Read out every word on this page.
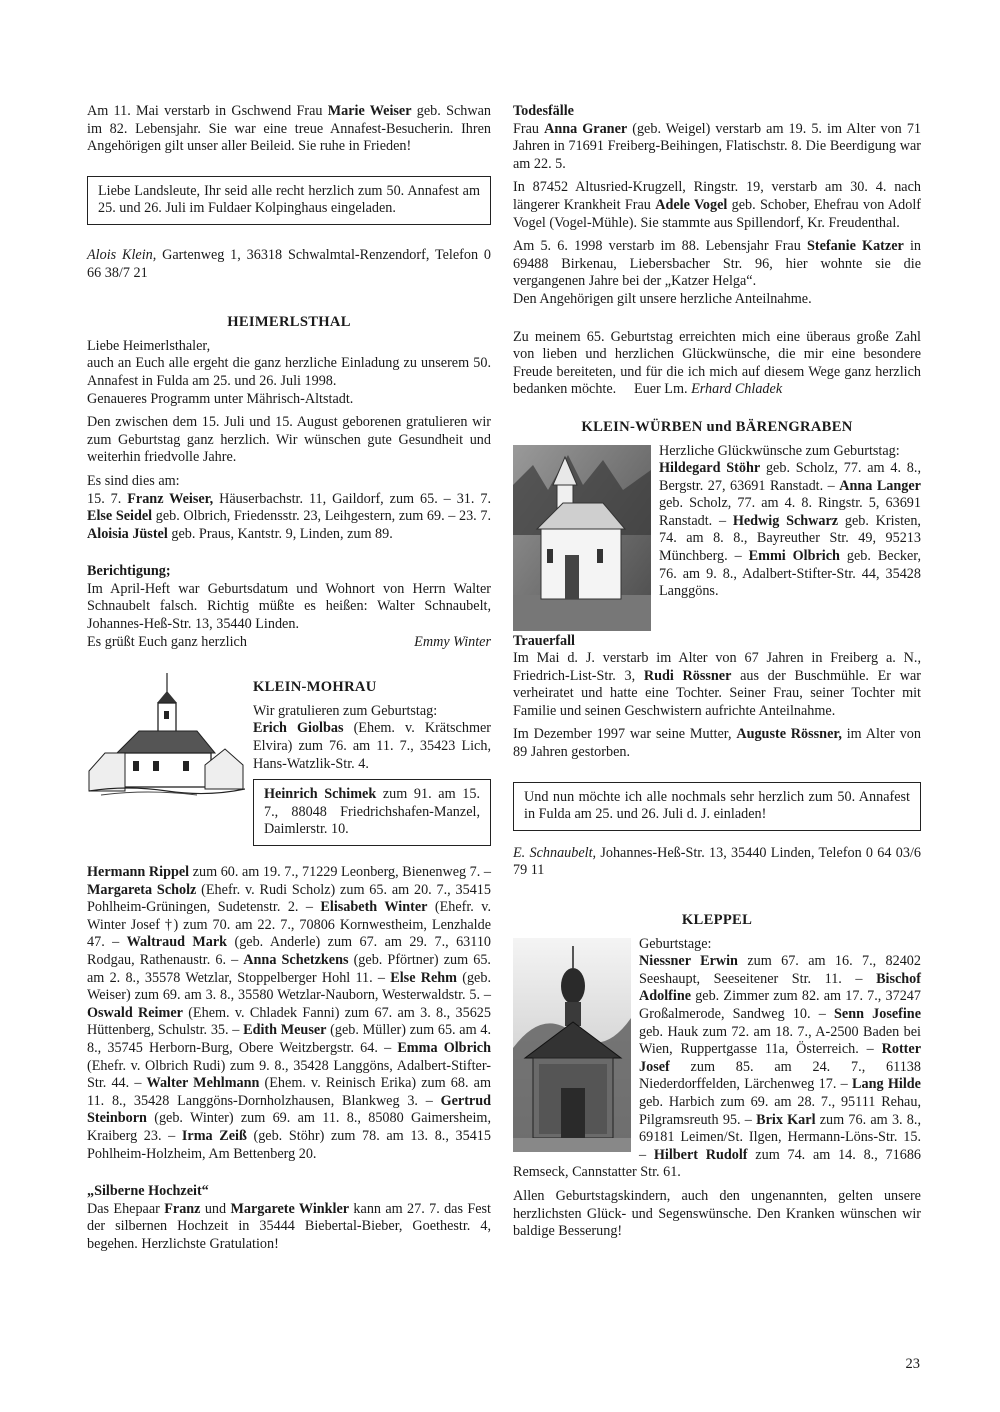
Am 11. Mai verstarb in Gschwend Frau Marie Weiser geb. Schwan im 82. Lebensjahr. Sie war eine treue Annafest-Besucherin. Ihren Angehörigen gilt unser aller Beileid. Sie ruhe in Frieden!

Liebe Landsleute, Ihr seid alle recht herzlich zum 50. Annafest am 25. und 26. Juli im Fuldaer Kolpinghaus eingeladen.

Alois Klein, Gartenweg 1, 36318 Schwalmtal-Renzendorf, Telefon 0 66 38/7 21

HEIMERLSTHAL

Liebe Heimerlsthaler,

auch an Euch alle ergeht die ganz herzliche Einladung zu unserem 50. Annafest in Fulda am 25. und 26. Juli 1998.

Genaueres Programm unter Mährisch-Altstadt.

Den zwischen dem 15. Juli und 15. August geborenen gratulieren wir zum Geburtstag ganz herzlich. Wir wünschen gute Gesundheit und weiterhin friedvolle Jahre.

Es sind dies am:

15. 7. Franz Weiser, Häuserbachstr. 11, Gaildorf, zum 65. – 31. 7. Else Seidel geb. Olbrich, Friedensstr. 23, Leihgestern, zum 69. – 23. 7. Aloisia Jüstel geb. Praus, Kantstr. 9, Linden, zum 89.

Berichtigung;

Im April-Heft war Geburtsdatum und Wohnort von Herrn Walter Schnaubelt falsch. Richtig müßte es heißen: Walter Schnaubelt, Johannes-Heß-Str. 13, 35440 Linden.

Es grüßt Euch ganz herzlich	Emmy Winter
KLEIN-MOHRAU

Wir gratulieren zum Geburtstag:

Erich Giolbas (Ehem. v. Krätschmer Elvira) zum 76. am 11. 7., 35423 Lich, Hans-Watzlik-Str. 4.

Heinrich Schimek zum 91. am 15. 7., 88048 Friedrichshafen-Manzel, Daimlerstr. 10.

Hermann Rippel zum 60. am 19. 7., 71229 Leonberg, Bienenweg 7. – Margareta Scholz (Ehefr. v. Rudi Scholz) zum 65. am 20. 7., 35415 Pohlheim-Grüningen, Sudetenstr. 2. – Elisabeth Winter (Ehefr. v. Winter Josef †) zum 70. am 22. 7., 70806 Kornwestheim, Lenzhalde 47. – Waltraud Mark (geb. Anderle) zum 67. am 29. 7., 63110 Rodgau, Rathenaustr. 6. – Anna Schetzkens (geb. Pförtner) zum 65. am 2. 8., 35578 Wetzlar, Stoppelberger Hohl 11. – Else Rehm (geb. Weiser) zum 69. am 3. 8., 35580 Wetzlar-Nauborn, Westerwaldstr. 5. – Oswald Reimer (Ehem. v. Chladek Fanni) zum 67. am 3. 8., 35625 Hüttenberg, Schulstr. 35. – Edith Meuser (geb. Müller) zum 65. am 4. 8., 35745 Herborn-Burg, Obere Weitzbergstr. 64. – Emma Olbrich (Ehefr. v. Olbrich Rudi) zum 9. 8., 35428 Langgöns, Adalbert-Stifter-Str. 44. – Walter Mehlmann (Ehem. v. Reinisch Erika) zum 68. am 11. 8., 35428 Langgöns-Dornholzhausen, Blankweg 3. – Gertrud Steinborn (geb. Winter) zum 69. am 11. 8., 85080 Gaimersheim, Kraiberg 23. – Irma Zeiß (geb. Stöhr) zum 78. am 13. 8., 35415 Pohlheim-Holzheim, Am Bettenberg 20.

„Silberne Hochzeit“

Das Ehepaar Franz und Margarete Winkler kann am 27. 7. das Fest der silbernen Hochzeit in 35444 Biebertal-Bieber, Goethestr. 4, begehen. Herzlichste Gratulation!

Todesfälle

Frau Anna Graner (geb. Weigel) verstarb am 19. 5. im Alter von 71 Jahren in 71691 Freiberg-Beihingen, Flatischstr. 8. Die Beerdigung war am 22. 5.

In 87452 Altusried-Krugzell, Ringstr. 19, verstarb am 30. 4. nach längerer Krankheit Frau Adele Vogel geb. Schober, Ehefrau von Adolf Vogel (Vogel-Mühle). Sie stammte aus Spillendorf, Kr. Freudenthal.

Am 5. 6. 1998 verstarb im 88. Lebensjahr Frau Stefanie Katzer in 69488 Birkenau, Liebersbacher Str. 96, hier wohnte sie die vergangenen Jahre bei der „Katzer Helga“.

Den Angehörigen gilt unsere herzliche Anteilnahme.

Zu meinem 65. Geburtstag erreichten mich eine überaus große Zahl von lieben und herzlichen Glückwünsche, die mir eine besondere Freude bereiteten, und für die ich mich auf diesem Wege ganz herzlich bedanken möchte. Euer Lm. Erhard Chladek

KLEIN-WÜRBEN und BÄRENGRABEN

Herzliche Glückwünsche zum Geburtstag:

Hildegard Stöhr geb. Scholz, 77. am 4. 8., Bergstr. 27, 63691 Ranstadt. – Anna Langer geb. Scholz, 77. am 4. 8. Ringstr. 5, 63691 Ranstadt. – Hedwig Schwarz geb. Kristen, 74. am 8. 8., Bayreuther Str. 49, 95213 Münchberg. – Emmi Olbrich geb. Becker, 76. am 9. 8., Adalbert-Stifter-Str. 44, 35428 Langgöns.

Trauerfall

Im Mai d. J. verstarb im Alter von 67 Jahren in Freiberg a. N., Friedrich-List-Str. 3, Rudi Rössner aus der Buschmühle. Er war verheiratet und hatte eine Tochter. Seiner Frau, seiner Tochter mit Familie und seinen Geschwistern aufrichte Anteilnahme.

Im Dezember 1997 war seine Mutter, Auguste Rössner, im Alter von 89 Jahren gestorben.

Und nun möchte ich alle nochmals sehr herzlich zum 50. Annafest in Fulda am 25. und 26. Juli d. J. einladen!

E. Schnaubelt, Johannes-Heß-Str. 13, 35440 Linden, Telefon 0 64 03/6 79 11

KLEPPEL

Geburtstage:

Niessner Erwin zum 67. am 16. 7., 82402 Seeshaupt, Seeseitener Str. 11. – Bischof Adolfine geb. Zimmer zum 82. am 17. 7., 37247 Großalmerode, Sandweg 10. – Senn Josefine geb. Hauk zum 72. am 18. 7., A-2500 Baden bei Wien, Ruppertgasse 11a, Österreich. – Rotter Josef zum 85. am 24. 7., 61138 Niederdorffelden, Lärchenweg 17. – Lang Hilde geb. Harbich zum 69. am 28. 7., 95111 Rehau, Pilgramsreuth 95. – Brix Karl zum 76. am 3. 8., 69181 Leimen/St. Ilgen, Hermann-Löns-Str. 15. – Hilbert Rudolf zum 74. am 14. 8., 71686 Remseck, Cannstatter Str. 61.

Allen Geburtstagskindern, auch den ungenannten, gelten unsere herzlichsten Glück- und Segenswünsche. Den Kranken wünschen wir baldige Besserung!

23
